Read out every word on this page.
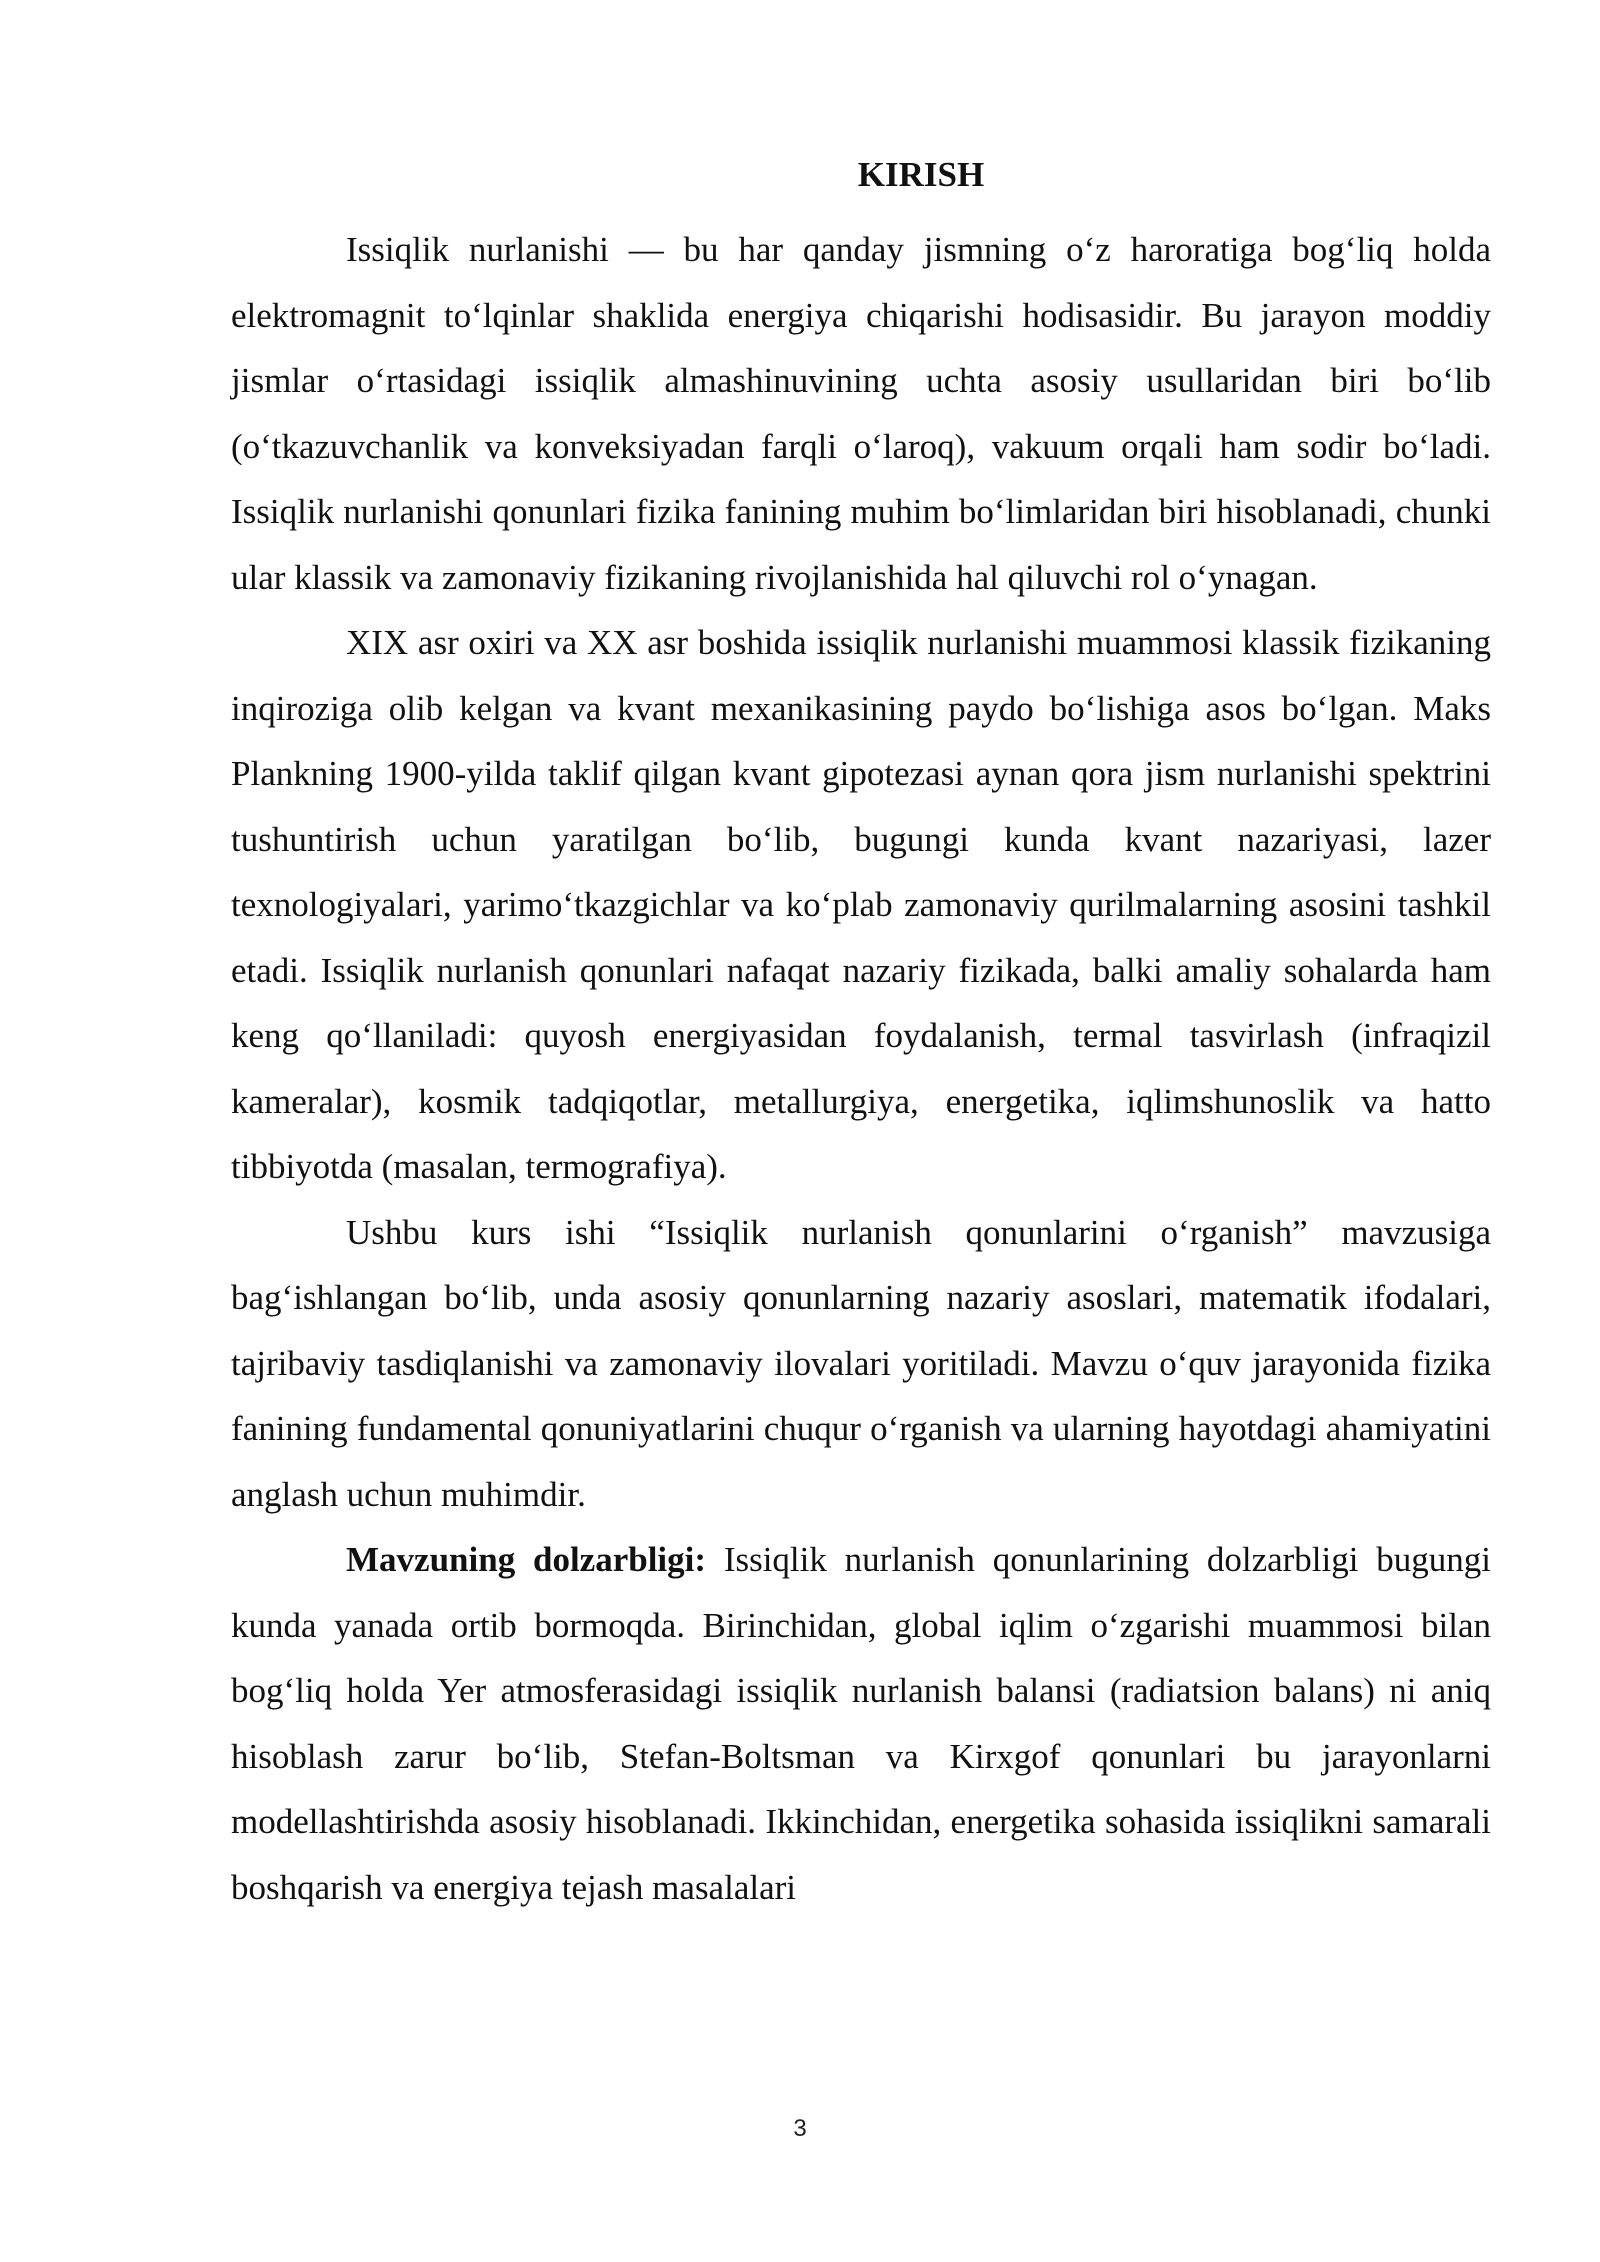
KIRISH

Issiqlik nurlanishi — bu har qanday jismning o‘z haroratiga bog‘liq holda elektromagnit to‘lqinlar shaklida energiya chiqarishi hodisasidir. Bu jarayon moddiy jismlar o‘rtasidagi issiqlik almashinuvining uchta asosiy usullaridan biri bo‘lib (o‘tkazuvchanlik va konveksiyadan farqli o‘laroq), vakuum orqali ham sodir bo‘ladi. Issiqlik nurlanishi qonunlari fizika fanining muhim bo‘limlaridan biri hisoblanadi, chunki ular klassik va zamonaviy fizikaning rivojlanishida hal qiluvchi rol o‘ynagan.

XIX asr oxiri va XX asr boshida issiqlik nurlanishi muammosi klassik fizikaning inqiroziga olib kelgan va kvant mexanikasining paydo bo‘lishiga asos bo‘lgan. Maks Plankning 1900-yilda taklif qilgan kvant gipotezasi aynan qora jism nurlanishi spektrini tushuntirish uchun yaratilgan bo‘lib, bugungi kunda kvant nazariyasi, lazer texnologiyalari, yarimo‘tkazgichlar va ko‘plab zamonaviy qurilmalarning asosini tashkil etadi. Issiqlik nurlanish qonunlari nafaqat nazariy fizikada, balki amaliy sohalarda ham keng qo‘llaniladi: quyosh energiyasidan foydalanish, termal tasvirlash (infraqizil kameralar), kosmik tadqiqotlar, metallurgiya, energetika, iqlimshunoslik va hatto tibbiyotda (masalan, termografiya).

Ushbu kurs ishi “Issiqlik nurlanish qonunlarini o‘rganish” mavzusiga bag‘ishlangan bo‘lib, unda asosiy qonunlarning nazariy asoslari, matematik ifodalari, tajribaviy tasdiqlanishi va zamonaviy ilovalari yoritiladi. Mavzu o‘quv jarayonida fizika fanining fundamental qonuniyatlarini chuqur o‘rganish va ularning hayotdagi ahamiyatini anglash uchun muhimdir.

Mavzuning dolzarbligi: Issiqlik nurlanish qonunlarining dolzarbligi bugungi kunda yanada ortib bormoqda. Birinchidan, global iqlim o‘zgarishi muammosi bilan bog‘liq holda Yer atmosferasidagi issiqlik nurlanish balansi (radiatsion balans) ni aniq hisoblash zarur bo‘lib, Stefan-Boltsman va Kirxgof qonunlari bu jarayonlarni modellashtirishda asosiy hisoblanadi. Ikkinchidan, energetika sohasida issiqlikni samarali boshqarish va energiya tejash masalalari

3
